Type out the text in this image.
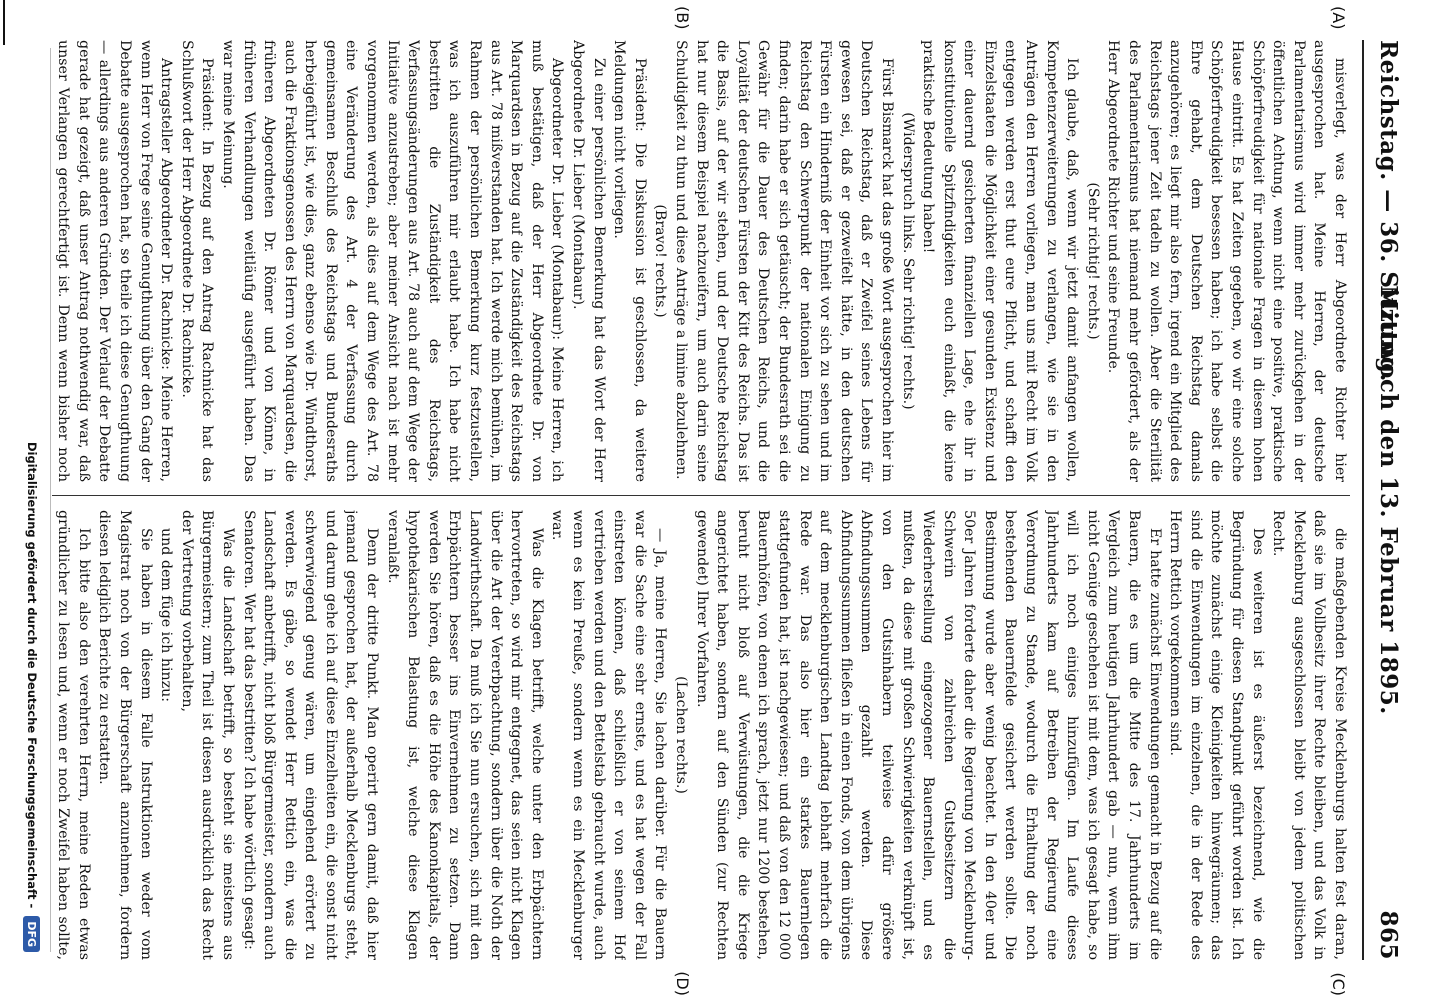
Reichstag. — 36. Sitzung.
Mittwoch den 13. Februar 1895.
865
(A)
(B)
(C)
(D)

misverlegt, was der Herr Abgeordnete Richter hier ausgesprochen hat. Meine Herren, der deutsche Parlamentarismus wird immer mehr zurückgehen in der öffentlichen Achtung, wenn nicht eine positive, praktische Schöpferfreudigkeit für nationale Fragen in diesem hohen Hause eintritt. Es hat Zeiten gegeben, wo wir eine solche Schöpferfreudigkeit besessen haben; ich habe selbst die Ehre gehabt, dem Deutschen Reichstag damals anzugehören; es liegt mir also fern, irgend ein Mitglied des Reichstags jener Zeit tadeln zu wollen. Aber die Sterilität des Parlamentarismus hat niemand mehr gefördert, als der Herr Abgeordnete Richter und seine Freunde.

(Sehr richtig! rechts.)

Ich glaube, daß, wenn wir jetzt damit anfangen wollen, Kompetenzerweiterungen zu verlangen, wie sie in den Anträgen den Herren vorliegen, man uns mit Recht im Volk entgegen werden erst thut eure Pflicht, und schafft den Einzelstaaten die Möglichkeit einer gesunden Existenz und einer dauernd gesicherten finanziellen Lage, ehe ihr in konstitutionelle Spitzfindigkeiten euch einlaßt, die keine praktische Bedeutung haben!

(Widerspruch links. Sehr richtig! rechts.)

Fürst Bismarck hat das große Wort ausgesprochen hier im Deutschen Reichstag, daß er Zweifel seines Lebens für gewesen sei, daß er gezweifelt hätte, in den deutschen Fürsten ein Hinderniß der Einheit vor sich zu sehen und im Reichstag den Schwerpunkt der nationalen Einigung zu finden; darin habe er sich getäuscht; der Bundesrath sei die Gewähr für die Dauer des Deutschen Reichs, und die Loyalität der deutschen Fürsten der Kitt des Reichs. Das ist die Basis, auf der wir stehen, und der Deutsche Reichstag hat nur diesem Beispiel nachzueifern, um auch darin seine Schuldigkeit zu thun und diese Anträge a limine abzulehnen.

(Bravo! rechts.)

Präsident: Die Diskussion ist geschlossen, da weitere Meldungen nicht vorliegen.

Zu einer persönlichen Bemerkung hat das Wort der Herr Abgeordnete Dr. Lieber (Montabaur).

Abgeordneter Dr. Lieber (Montabaur): Meine Herren, ich muß bestätigen, daß der Herr Abgeordnete Dr. von Marquardsen in Bezug auf die Zuständigkeit des Reichstags aus Art. 78 mißverstanden hat. Ich werde mich bemühen, im Rahmen der persönlichen Bemerkung kurz festzustellen, was ich auszuführen mir erlaubt habe. Ich habe nicht bestritten die Zuständigkeit des Reichstags, Verfassungsänderungen aus Art. 78 auch auf dem Wege der Initiative anzustreben; aber meiner Ansicht nach ist mehr vorgenommen werden, als dies auf dem Wege des Art. 78 eine Veränderung des Art. 4 der Verfassung durch gemeinsamen Beschluß des Reichstags und Bundesraths herbeigeführt ist, wie dies, ganz ebenso wie Dr. Windthorst, auch die Fraktionsgenossen des Herrn von Marquardsen, die früheren Abgeordneten Dr. Römer und von Könne, in früheren Verhandlungen weitläufig ausgeführt haben. Das war meine Meinung.

Präsident: In Bezug auf den Antrag Rachnicke hat das Schlußwort der Herr Abgeordnete Dr. Rachnicke.

Antragsteller Abgeordneter Dr. Rachnicke: Meine Herren, wenn Herr von Frege seine Genugthuung über den Gang der Debatte ausgesprochen hat, so theile ich diese Genugthuung — allerdings aus anderen Gründen. Der Verlauf der Debatte gerade hat gezeigt, daß unser Antrag nothwendig war, daß unser Verlangen gerechtfertigt ist. Denn wenn bisher noch

die maßgebenden Kreise Mecklenburgs halten fest daran, daß sie im Vollbesitz ihrer Rechte bleiben, und das Volk in Mecklenburg ausgeschlossen bleibt von jedem politischen Recht.

Des weiteren ist es äußerst bezeichnend, wie die Begründung für diesen Standpunkt geführt worden ist. Ich möchte zunächst einige Kleinigkeiten hinwegräumen; das sind die Einwendungen im einzelnen, die in der Rede des Herrn Rettich vorgekommen sind.

Er hatte zunächst Einwendungen gemacht in Bezug auf die Bauern, die es um die Mitte des 17. Jahrhunderts im Vergleich zum heutigen Jahrhundert gab — nun, wenn ihm nicht Genüge geschehen ist mit dem, was ich gesagt habe, so will ich noch einiges hinzufügen. Im Laufe dieses Jahrhunderts kam auf Betreiben der Regierung eine Verordnung zu Stande, wodurch die Erhaltung der noch bestehenden Bauernfelde gesichert werden sollte. Die Bestimmung wurde aber wenig beachtet. In den 40er und 50er Jahren forderte daher die Regierung von Mecklenburg-Schwerin von zahlreichen Gutsbesitzern die Wiederherstellung eingezogener Bauernstellen, und es mußten, da diese mit großen Schwierigkeiten verknüpft ist, von den Gutsinhabern teilweise dafür größere Abfindungssummen gezahlt werden. Diese Abfindungssummen fließen in einen Fonds, von dem übrigens auf dem mecklenburgischen Landtag lebhaft mehrfach die Rede war. Das also hier ein starkes Bauernlegen stattgefunden hat, ist nachgewiesen; und daß von den 12 000 Bauernhöfen, von denen ich sprach, jetzt nur 1200 bestehen, beruht nicht bloß auf Verwüstungen, die die Kriege angerichtet haben, sondern auf den Sünden (zur Rechten gewendet) Ihrer Vorfahren.

(Lachen rechts.)

— Ja, meine Herren, Sie lachen darüber. Für die Bauern war die Sache eine sehr ernste, und es hat wegen der Fall einstreten können, daß schließlich er von seinem Hof vertrieben werden und den Bettelstab gebraucht wurde, auch wenn es kein Preuße, sondern wenn es ein Mecklenburger war.

Was die Klagen betrifft, welche unter den Erbpächtern hervortreten, so wird mir entgegnet, das seien nicht Klagen über die Art der Vererbpachtung, sondern über die Noth der Landwirthschaft. Da muß ich Sie nun ersuchen, sich mit den Erbpächtern besser ins Einvernehmen zu setzen. Dann werden Sie hören, daß es die Höhe des Kanonkapitals, der hypothekarischen Belastung ist, welche diese Klagen veranlaßt.

Denn der dritte Punkt. Man operirt gern damit, daß hier jemand gesprochen hat, der außerhalb Mecklenburgs steht, und darum gehe ich auf diese Einzelheiten ein, die sonst nicht schwerwiegend genug wären, um eingehend erörtert zu werden. Es gäbe, so wendet Herr Rettich ein, was die Landschaft anbetrifft, nicht bloß Bürgermeister, sondern auch Senatoren. Wer hat das bestritten? Ich habe wörtlich gesagt:

Was die Landschaft betrifft, so besteht sie meistens aus Bürgermeistern; zum Theil ist diesen ausdrücklich das Recht der Vertretung vorbehalten,

und dem füge ich hinzu:

Sie haben in diesem Falle Instruktionen weder vom Magistrat noch von der Bürgerschaft anzunehmen, fordern diesen lediglich Berichte zu erstatten.

Ich bitte also den verehrten Herrn, meine Reden etwas gründlicher zu lesen und, wenn er noch Zweifel haben sollte,

Digitalisierung gefördert durch die Deutsche Forschungsgemeinschaft - DFG
